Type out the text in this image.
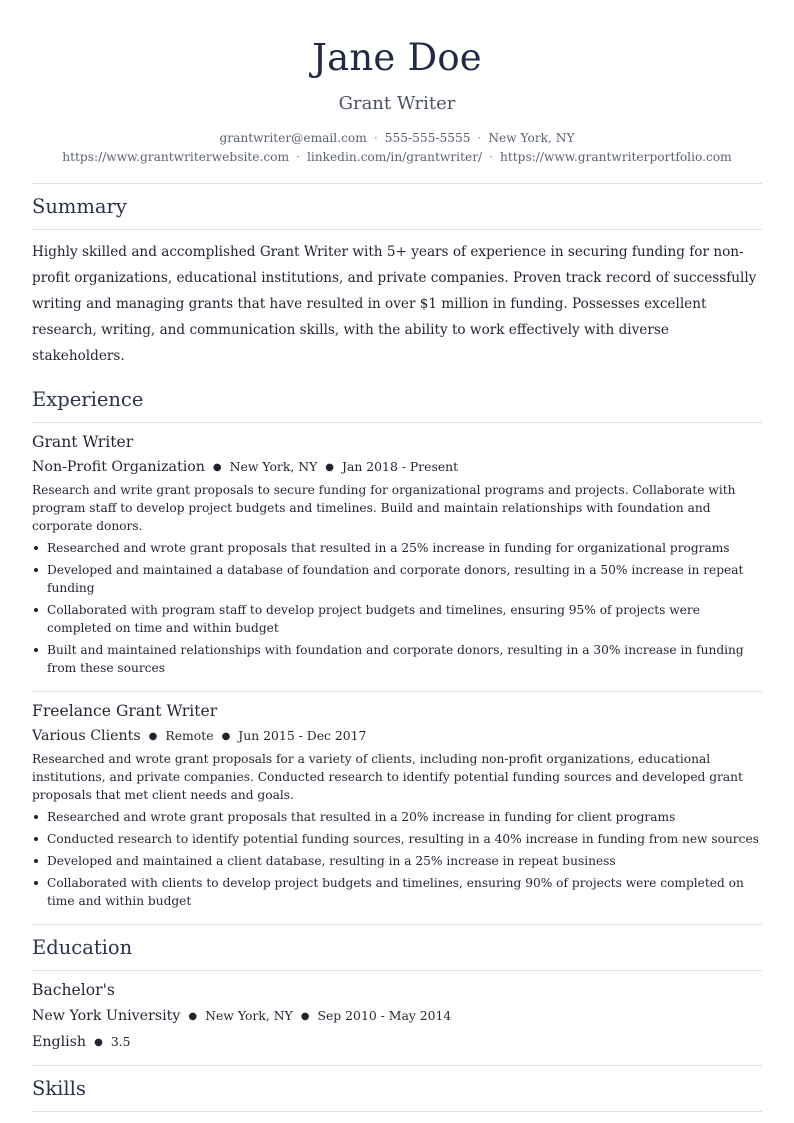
Jane Doe
Grant Writer
grantwriter@email.com · 555-555-5555 · New York, NY
https://www.grantwriterwebsite.com · linkedin.com/in/grantwriter/ · https://www.grantwriterportfolio.com
Summary
Highly skilled and accomplished Grant Writer with 5+ years of experience in securing funding for non-profit organizations, educational institutions, and private companies. Proven track record of successfully writing and managing grants that have resulted in over $1 million in funding. Possesses excellent research, writing, and communication skills, with the ability to work effectively with diverse stakeholders.
Experience
Grant Writer
Non-Profit Organization ● New York, NY ● Jan 2018 - Present
Research and write grant proposals to secure funding for organizational programs and projects. Collaborate with program staff to develop project budgets and timelines. Build and maintain relationships with foundation and corporate donors.
Researched and wrote grant proposals that resulted in a 25% increase in funding for organizational programs
Developed and maintained a database of foundation and corporate donors, resulting in a 50% increase in repeat funding
Collaborated with program staff to develop project budgets and timelines, ensuring 95% of projects were completed on time and within budget
Built and maintained relationships with foundation and corporate donors, resulting in a 30% increase in funding from these sources
Freelance Grant Writer
Various Clients ● Remote ● Jun 2015 - Dec 2017
Researched and wrote grant proposals for a variety of clients, including non-profit organizations, educational institutions, and private companies. Conducted research to identify potential funding sources and developed grant proposals that met client needs and goals.
Researched and wrote grant proposals that resulted in a 20% increase in funding for client programs
Conducted research to identify potential funding sources, resulting in a 40% increase in funding from new sources
Developed and maintained a client database, resulting in a 25% increase in repeat business
Collaborated with clients to develop project budgets and timelines, ensuring 90% of projects were completed on time and within budget
Education
Bachelor's
New York University ● New York, NY ● Sep 2010 - May 2014
English ● 3.5
Skills
